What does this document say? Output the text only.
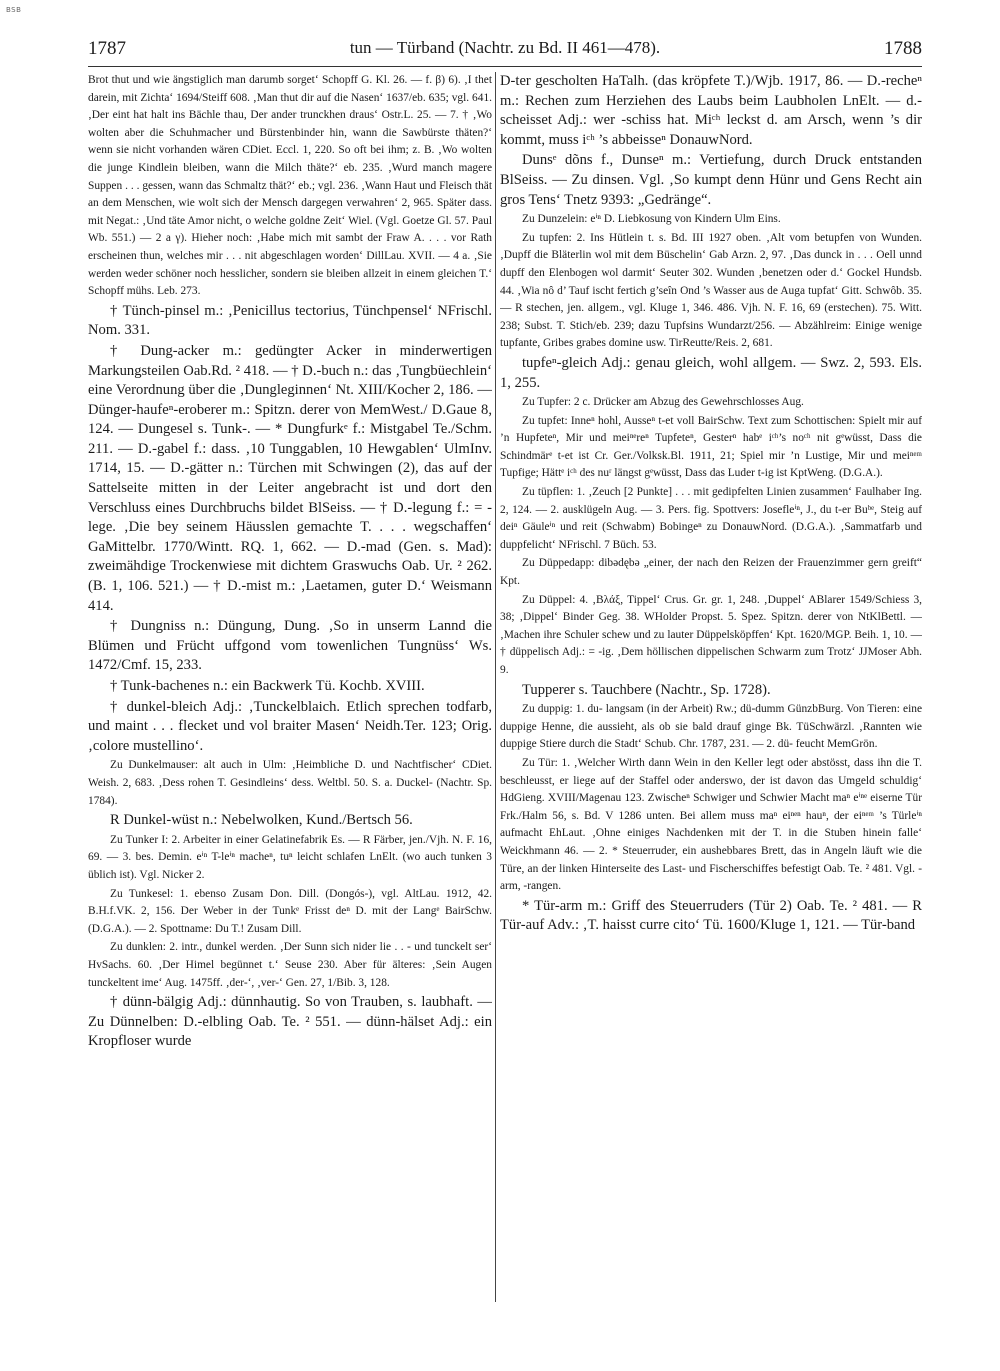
BSB
1787	tun — Türband (Nachtr. zu Bd. II 461—478).	1788

Brot thut und wie ängstiglich man darumb sorget‘ Schopff G. Kl. 26. — f. β) 6). ‚I thet darein, mit Zichta‘ 1694/Steiff 608. ‚Man thut dir auf die Nasen‘ 1637/eb. 635; vgl. 641. ‚Der eint hat halt ins Bächle thau, Der ander trunckhen draus‘ Ostr.L. 25. — 7. † ‚Wo wolten aber die Schuhmacher und Bürstenbinder hin, wann die Sawbürste thäten?‘ wenn sie nicht vorhanden wären CDiet. Eccl. 1, 220. So oft bei ihm; z. B. ‚Wo wolten die junge Kindlein bleiben, wann die Milch thäte?‘ eb. 235. ‚Wurd manch magere Suppen . . . gessen, wann das Schmaltz thät?‘ eb.; vgl. 236. ‚Wann Haut und Fleisch thät an dem Menschen, wie wolt sich der Mensch dargegen verwahren‘ 2, 965. Später dass. mit Negat.: ‚Und täte Amor nicht, o welche goldne Zeit‘ Wiel. (Vgl. Goetze Gl. 57. Paul Wb. 551.) — 2 a γ). Hieher noch: ‚Habe mich mit sambt der Fraw A. . . . vor Rath erscheinen thun, welches mir . . . nit abgeschlagen worden‘ DillLau. XVII. — 4 a. ‚Sie werden weder schöner noch hesslicher, sondern sie bleiben allzeit in einem gleichen T.‘ Schopff mühs. Leb. 273.

† Tünch-pinsel m.: ‚Penicillus tectorius, Tünchpensel‘ NFrischl. Nom. 331.

† Dung-acker m.: gedüngter Acker in minderwertigen Markungsteilen Oab.Rd. ² 418. — † D.-buch n.: das ‚Tungbüechlein‘ eine Verordnung über die ‚Dungleginnen‘ Nt. XIII/Kocher 2, 186. — Dünger-haufeⁿ-eroberer m.: Spitzn. derer von MemWest./ D.Gaue 8, 124. — Dungesel s. Tunk-. — * Dungfurkᵉ f.: Mistgabel Te./Schm. 211. — D.-gabel f.: dass. ‚10 Tunggablen, 10 Hewgablen‘ UlmInv. 1714, 15. — D.-gätter n.: Türchen mit Schwingen (2), das auf der Sattelseite mitten in der Leiter angebracht ist und dort den Verschluss eines Durchbruchs bildet BlSeiss. — † D.-legung f.: = -lege. ‚Die bey seinem Häusslen gemachte T. . . . wegschaffen‘ GaMittelbr. 1770/Wintt. RQ. 1, 662. — D.-mad (Gen. s. Mad): zweimähdige Trockenwiese mit dichtem Graswuchs Oab. Ur. ² 262. (B. 1, 106. 521.) — † D.-mist m.: ‚Laetamen, guter D.‘ Weismann 414.

† Dungniss n.: Düngung, Dung. ‚So in unserm Lannd die Blümen und Frücht uffgond vom towenlichen Tungnüss‘ Ws. 1472/Cmf. 15, 233.

† Tunk-bachenes n.: ein Backwerk Tü. Kochb. XVIII.

† dunkel-bleich Adj.: ‚Tunckelblaich. Etlich sprechen todfarb, und maint . . . flecket und vol braiter Masen‘ Neidh.Ter. 123; Orig. ‚colore mustellino‘.

Zu Dunkelmauser: alt auch in Ulm: ‚Heimbliche D. und Nachtfischer‘ CDiet. Weish. 2, 683. ‚Dess rohen T. Gesindleins‘ dess. Weltbl. 50. S. a. Duckel- (Nachtr. Sp. 1784).

R Dunkel-wüst n.: Nebelwolken, Kund./Bertsch 56.

Zu Tunker I: 2. Arbeiter in einer Gelatinefabrik Es. — R Färber, jen./Vjh. N. F. 16, 69. — 3. bes. Demin. eⁱⁿ T-leⁱⁿ macheⁿ, tuⁿ leicht schlafen LnElt. (wo auch tunken 3 üblich ist). Vgl. Nicker 2.

Zu Tunkesel: 1. ebenso Zusam Don. Dill. (Dongós-), vgl. AltLau. 1912, 42. B.H.f.VK. 2, 156. Der Weber in der Tunkᵉ Frisst deⁿ D. mit der Langᵉ BairSchw. (D.G.A.). — 2. Spottname: Du T.! Zusam Dill.

Zu dunklen: 2. intr., dunkel werden. ‚Der Sunn sich nider lie . . - und tunckelt ser‘ HvSachs. 60. ‚Der Himel begünnet t.‘ Seuse 230. Aber für älteres: ‚Sein Augen tunckeltent ime‘ Aug. 1475ff. ‚der-‘, ‚ver-‘ Gen. 27, 1/Bib. 3, 128.

† dünn-bälgig Adj.: dünnhautig. So von Trauben, s. laubhaft. — Zu Dünnelben: D.-elbling Oab. Te. ² 551. — dünn-hälset Adj.: ein Kropfloser wurde

D-ter gescholten HaTalh. (das kröpfete T.)/Wjb. 1917, 86. — D.-recheⁿ m.: Rechen zum Herziehen des Laubs beim Laubholen LnElt. — d.-scheisset Adj.: wer -schiss hat. Miᶜʰ leckst d. am Arsch, wenn ’s dir kommt, muss iᶜʰ ’s abbeisseⁿ DonauwNord.

Dunsᵉ dõns f., Dunseⁿ m.: Vertiefung, durch Druck entstanden BlSeiss. — Zu dinsen. Vgl. ‚So kumpt denn Hünr und Gens Recht ain gros Tens‘ Tnetz 9393: „Gedränge“.

Zu Dunzelein: eⁱⁿ D. Liebkosung von Kindern Ulm Eins.

Zu tupfen: 2. Ins Hütlein t. s. Bd. III 1927 oben. ‚Alt vom betupfen von Wunden. ‚Dupff die Bläterlin wol mit dem Büschelin‘ Gab Arzn. 2, 97. ‚Das dunck in . . . Oell unnd dupff den Elenbogen wol darmit‘ Seuter 302. Wunden ‚benetzen oder d.‘ Gockel Hundsb. 44. ‚Wia nô d’ Tauf ischt fertich g’seîn Ond ’s Wasser aus de Auga tupfat‘ Gitt. Schwôb. 35. — R stechen, jen. allgem., vgl. Kluge 1, 346. 486. Vjh. N. F. 16, 69 (erstechen). 75. Witt. 238; Subst. T. Stich/eb. 239; dazu Tupfsins Wundarzt/256. — Abzählreim: Einige wenige tupfante, Gribes grabes domine usw. TirReutte/Reis. 2, 681.

tupfeⁿ-gleich Adj.: genau gleich, wohl allgem. — Swz. 2, 593. Els. 1, 255.

Zu Tupfer: 2 c. Drücker am Abzug des Gewehrschlosses Aug.

Zu tupfet: Inneⁿ hohl, Ausseⁿ t-et voll BairSchw. Text zum Schottischen: Spielt mir auf ’n Hupfeteⁿ, Mir und meiⁿᵉreⁿ Tupfeteⁿ, Gesterⁿ habᵉ iᶜʰ’s noᶜʰ nit gᵉwüsst, Dass die Schindmärᵉ t-et ist Cr. Ger./Volksk.Bl. 1911, 21; Spiel mir ’n Lustige, Mir und meiⁿᵉᵐ Tupfige; Hättᵉ iᶜʰ des nuʳ längst gᵉwüsst, Dass das Luder t-ig ist KptWeng. (D.G.A.).

Zu tüpflen: 1. ‚Zeuch [2 Punkte] . . . mit gedipfelten Linien zusammen‘ Faulhaber Ing. 2, 124. — 2. ausklügeln Aug. — 3. Pers. fig. Spottvers: Josefleⁱⁿ, J., du t-er Buᵇᵉ, Steig auf deiⁿ Gäuleⁱⁿ und reit (Schwabm) Bobingeⁿ zu DonauwNord. (D.G.A.). ‚Sammatfarb und duppfelicht‘ NFrischl. 7 Büch. 53.

Zu Düppedapp: dibədębə „einer, der nach den Reizen der Frauenzimmer gern greift“ Kpt.

Zu Düppel: 4. ‚Βλάξ, Tippel‘ Crus. Gr. gr. 1, 248. ‚Duppel‘ ABlarer 1549/Schiess 3, 38; ‚Dippel‘ Binder Geg. 38. WHolder Propst. 5. Spez. Spitzn. derer von NtKlBettl. — ‚Machen ihre Schuler schew und zu lauter Düppelsköpffen‘ Kpt. 1620/MGP. Beih. 1, 10. — † düppelisch Adj.: = -ig. ‚Dem höllischen dippelischen Schwarm zum Trotz‘ JJMoser Abh. 9.

Tupperer s. Tauchbere (Nachtr., Sp. 1728).

Zu duppig: 1. du- langsam (in der Arbeit) Rw.; dü-dumm GünzbBurg. Von Tieren: eine duppige Henne, die aussieht, als ob sie bald drauf ginge Bk. TüSchwärzl. ‚Rannten wie duppige Stiere durch die Stadt‘ Schub. Chr. 1787, 231. — 2. dü- feucht MemGrön.

Zu Tür: 1. ‚Welcher Wirth dann Wein in den Keller legt oder abstösst, dass ihn die T. beschleusst, er liege auf der Staffel oder anderswo, der ist davon das Umgeld schuldig‘ HdGieng. XVIII/Magenau 123. Zwischeⁿ Schwiger und Schwier Macht maⁿ eⁱⁿᵉ eiserne Tür Frk./Halm 56, s. Bd. V 1286 unten. Bei allem muss maⁿ eiⁿᵉⁿ hauⁿ, der eiⁿᵉᵐ ’s Türleⁱⁿ aufmacht EhLaut. ‚Ohne einiges Nachdenken mit der T. in die Stuben hinein falle‘ Weickhmann 46. — 2. * Steuerruder, ein aushebbares Brett, das in Angeln läuft wie die Türe, an der linken Hinterseite des Last- und Fischerschiffes befestigt Oab. Te. ² 481. Vgl. -arm, -rangen.

* Tür-arm m.: Griff des Steuerruders (Tür 2) Oab. Te. ² 481. — R Tür-auf Adv.: ‚T. haisst curre cito‘ Tü. 1600/Kluge 1, 121. — Tür-band
